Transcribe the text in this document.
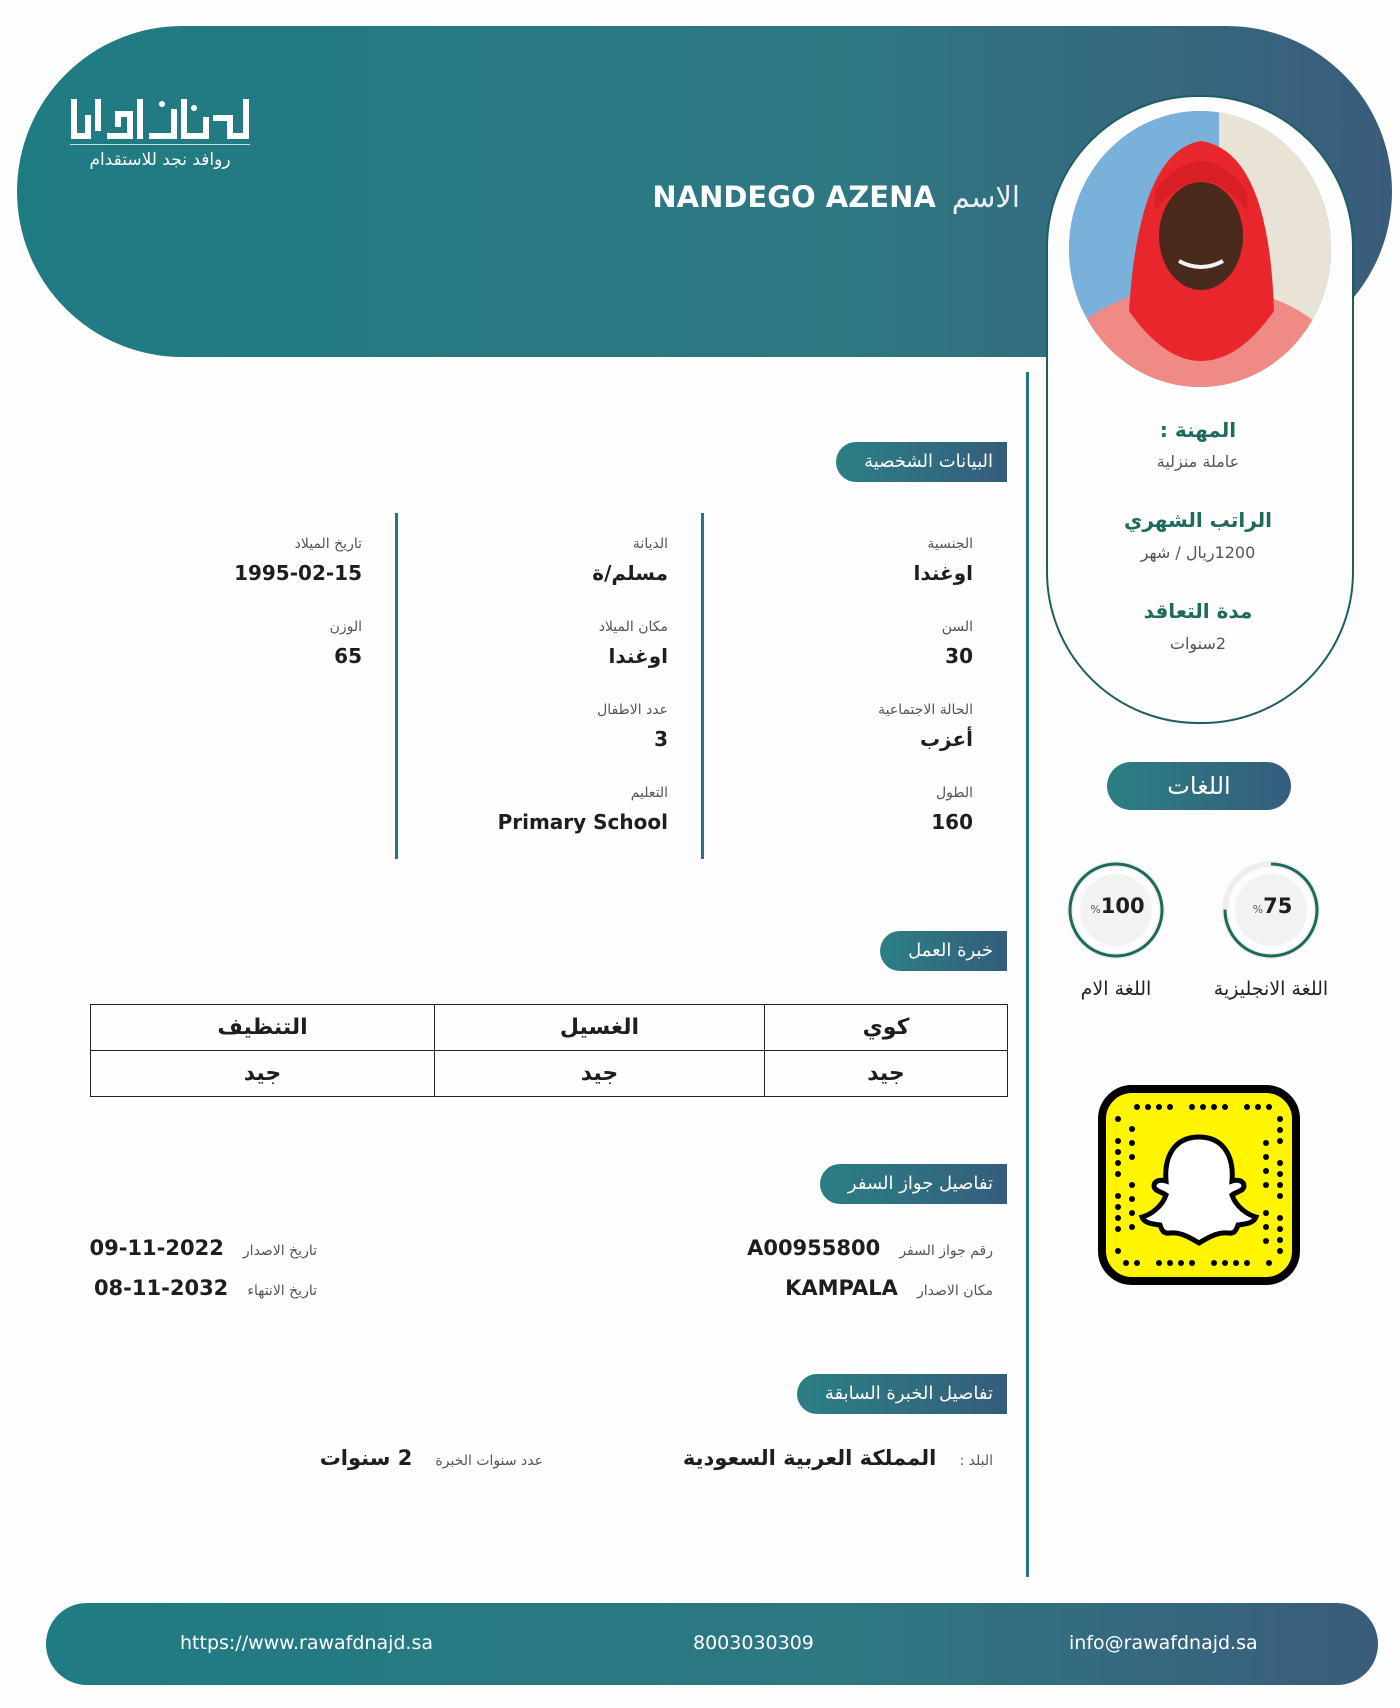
روافد نجد للاستقدام
الاسمNANDEGO AZENA
المهنة :
عاملة منزلية
الراتب الشهري
1200ريال / شهر
مدة التعاقد
2سنوات
اللغات
%75
اللغة الانجليزية
%100
اللغة الام
البيانات الشخصية
الجنسية
اوغندا
السن
30
الحالة الاجتماعية
أعزب
الطول
160
الديانة
مسلم/ة
مكان الميلاد
اوغندا
عدد الاطفال
3
التعليم
Primary School
تاريخ الميلاد
1995-02-15
الوزن
65
خبرة العمل
التنظيف	الغسيل	كوي
جيد	جيد	جيد
تفاصيل جواز السفر
رقم جواز السفر A00955800
مكان الاصدار KAMPALA
تاريخ الاصدار 2022-11-09
تاريخ الانتهاء 2032-11-08
تفاصيل الخبرة السابقة
البلد : المملكة العربية السعودية
عدد سنوات الخبرة 2 سنوات
https://www.rawafdnajd.sa	8003030309	info@rawafdnajd.sa
